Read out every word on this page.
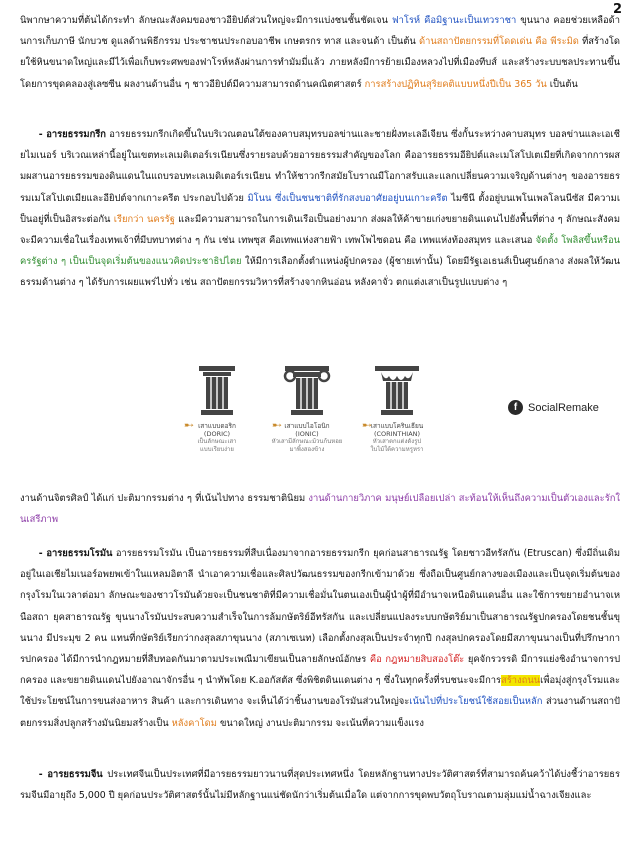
2
นิพากษาความที่ต้นได้กระทำ ลักษณะสังคมของชาวอียิปต์ส่วนใหญ่จะมีการแบ่งชนชั้นชัดเจน ฟาโรห์ คือมิฐานะเป็นเทวราชา ขุนนาง คอยช่วยเหลือด้านการเก็บภาษี นักบวช ดูแลด้านพิธีกรรม ประชาชนประกอบอาชีพ เกษตรกร ทาส และจนด้า เป็นต้น ด้านสถาปัตยกรรมที่โดดเด่น คือ พีระมิด ที่สร้างโดยใช้หินขนาดใหญ่และมีไว้เพื่อเก็บพระศพของฟาโรห์หลังผ่านการทำมัมมี่แล้ว ภายหลังมีการย้ายเมืองหลวงไปที่เมืองทีบส์ และสร้างระบบชลประทานขึ้น โดยการขุดคลองสู่เลซซีน ผลงานด้านอื่น ๆ ชาวอียิปต์มีความสามารถด้านคณิตศาสตร์ การสร้างปฏิทินสุริยคติแบบหนึ่งปีเป็น 365 วัน เป็นต้น
  - อารยธรรมกรีก อารยธรรมกรีกเกิดขึ้นในบริเวณตอนใต้ของคาบสมุทรบอลข่านและชายฝั่งทะเลอีเจียน ซึ่งกั้นระหว่างคาบสมุทร บอลข่านและเอเชียไมเนอร์ บริเวณเหล่านี้อยู่ในเขตทะเลเมดิเตอร์เรเนียนซึ่งรายรอบด้วยอารยธรรมสำคัญของโลก คืออารยธรรมอียิปต์และเมโสโปเตเมียที่เกิดจากการผสมผสานอารยธรรมของดินแดนในแถบรอบทะเลเมดิเตอร์เรเนียน ทำให้ชาวกรีกสมัยโบราณมีโอกาสรับและแลกเปลี่ยนความเจริญด้านต่างๆ ของอารยธรรมเมโสโปเตเมียและอียิปต์จากเกาะครีต ประกอบไปด้วย มิโนน ซึ่งเป็นชนชาติที่รักสงบอาศัยอยู่บนเกาะครีต ไมซีนี ตั้งอยู่บนเพโนเพลโลนนีซัส มีความเป็นอยู่ที่เป็นอิสระต่อกัน เรียกว่า นครรัฐ และมีความสามารถในการเดินเรือเป็นอย่างมาก ส่งผลให้ค้าขายเก่งขยายดินแดนไปยังพื้นที่ต่าง ๆ ลักษณะสังคมจะมีความเชื่อในเรื่องเทพเจ้าที่มีบทบาทต่าง ๆ กัน เช่น เทพซุส คือเทพแห่งสายฟ้า เทพโพไซดอน คือ เทพแห่งท้องสมุทร และเสนอ จัดตั้ง โพลิสขึ้นหรือนครรัฐต่าง ๆ เป็นเป็นจุดเริ่มต้นของแนวคิดประชาธิปไตย ให้มีการเลือกตั้งตำแหน่งผู้ปกครอง (ผู้ชายเท่านั้น) โดยมีรัฐเอเธนส์เป็นศูนย์กลาง ส่งผลให้วัฒนธรรมด้านต่าง ๆ ได้รับการเผยแพร่ไปทั่ว เช่น สถาปัตยกรรมวิหารที่สร้างจากหินอ่อน หลังคาจั่ว ตกแต่งเสาเป็นรูปแบบต่าง ๆ
➸	➸	➸
เสาแบบดอริก
(DORIC)
เป็นลักษณะเสา
แบบเรียบง่าย
เสาแบบไอโอนิก
(IONIC)
หัวเสามีลักษณะม้วนก้นหอย
มาพิ้งสองข้าง
เสาแบบโครินเธียน
(CORINTHIAN)
หัวเสาตกแต่งดังรูป
ใบไม้ใต้ความหรูหรา
f SocialRemake
งานด้านจิตรศิลป์ ได้แก่ ปะติมากรรมต่าง ๆ ที่เน้นไปทาง ธรรมชาตินิยม งานด้านกายวิภาค มนุษย์เปลือยเปล่า สะท้อนให้เห็นถึงความเป็นตัวเองและรักในเสรีภาพ
  - อารยธรรมโรมัน อารยธรรมโรมัน เป็นอารยธรรมที่สืบเนื่องมาจากอารยธรรมกรีก ยุคก่อนสาธารณรัฐ โดยชาวอีทรัสกัน (Etruscan) ซึ่งมีถิ่นเดิมอยู่ในเอเชียไมเนอร์อพยพเข้าในแหลมอิตาลี นำเอาความเชื่อและศิลปวัฒนธรรมของกรีกเข้ามาด้วย ซึ่งถือเป็นศูนย์กลางของเมืองและเป็นจุดเริ่มต้นของกรุงโรมในเวลาต่อมา ลักษณะของชาวโรมันด้วยจะเป็นชนชาติที่มีความเชื่อมั่นในตนเองเป็นผู้นำผู้ที่มีอำนาจเหนือดินแดนอื่น และใช้การขยายอำนาจเหนือสถา ยุคสาธารณรัฐ ขุนนางโรมันประสบความสำเร็จในการล้มกษัตริย์อีทรัสกัน และเปลี่ยนแปลงระบบกษัตริย์มาเป็นสาธารณรัฐปกครองโดยชนชั้นขุนนาง มีประมุข 2 คน แทนที่กษัตริย์เรียกว่ากงสุลสภาขุนนาง (สภาเซเนท) เลือกตั้งกงสุลเป็นประจำทุกปี กงสุลปกครองโดยมีสภาขุนนางเป็นที่ปรึกษาการปกครอง ได้มีการนำกฎหมายที่สืบทอดกันมาตามประเพณีมาเขียนเป็นลายลักษณ์อักษร คือ กฎหมายสิบสองโต๊ะ ยุคจักรวรรดิ มีการแย่งชิงอำนาจการปกครอง และขยายดินแดนไปยังอาณาจักรอื่น ๆ นำทัพโดย K.ออกัสตัส ซึ่งพิชิตดินแดนต่าง ๆ ซึ่งในทุกครั้งที่รบชนะจะมีการสร้างถนนเพื่อมุ่งสู่กรุงโรมและใช้ประโยชน์ในการขนส่งอาหาร สินค้า และการเดินทาง จะเห็นได้ว่าชิ้นงานของโรมันส่วนใหญ่จะเน้นไปที่ประโยชน์ใช้สอยเป็นหลัก ส่วนงานด้านสถาปัตยกรรมสิ่งปลูกสร้างมันนิยมสร้างเป็น หลังคาโดม ขนาดใหญ่ งานปะติมากรรม จะเน้นที่ความแข็งแรง
  - อารยธรรมจีน ประเทศจีนเป็นประเทศที่มีอารยธรรมยาวนานที่สุดประเทศหนึ่ง โดยหลักฐานทางประวัติศาสตร์ที่สามารถค้นคว้าได้บ่งชี้ว่าอารยธรรมจีนมีอายุถึง 5,000 ปี ยุคก่อนประวัติศาสตร์นั้นไม่มีหลักฐานแน่ชัดนักว่าเริ่มต้นเมื่อใด แต่จากการขุดพบวัตถุโบราณตามลุ่มแม่น้ำฉางเจียงและ
